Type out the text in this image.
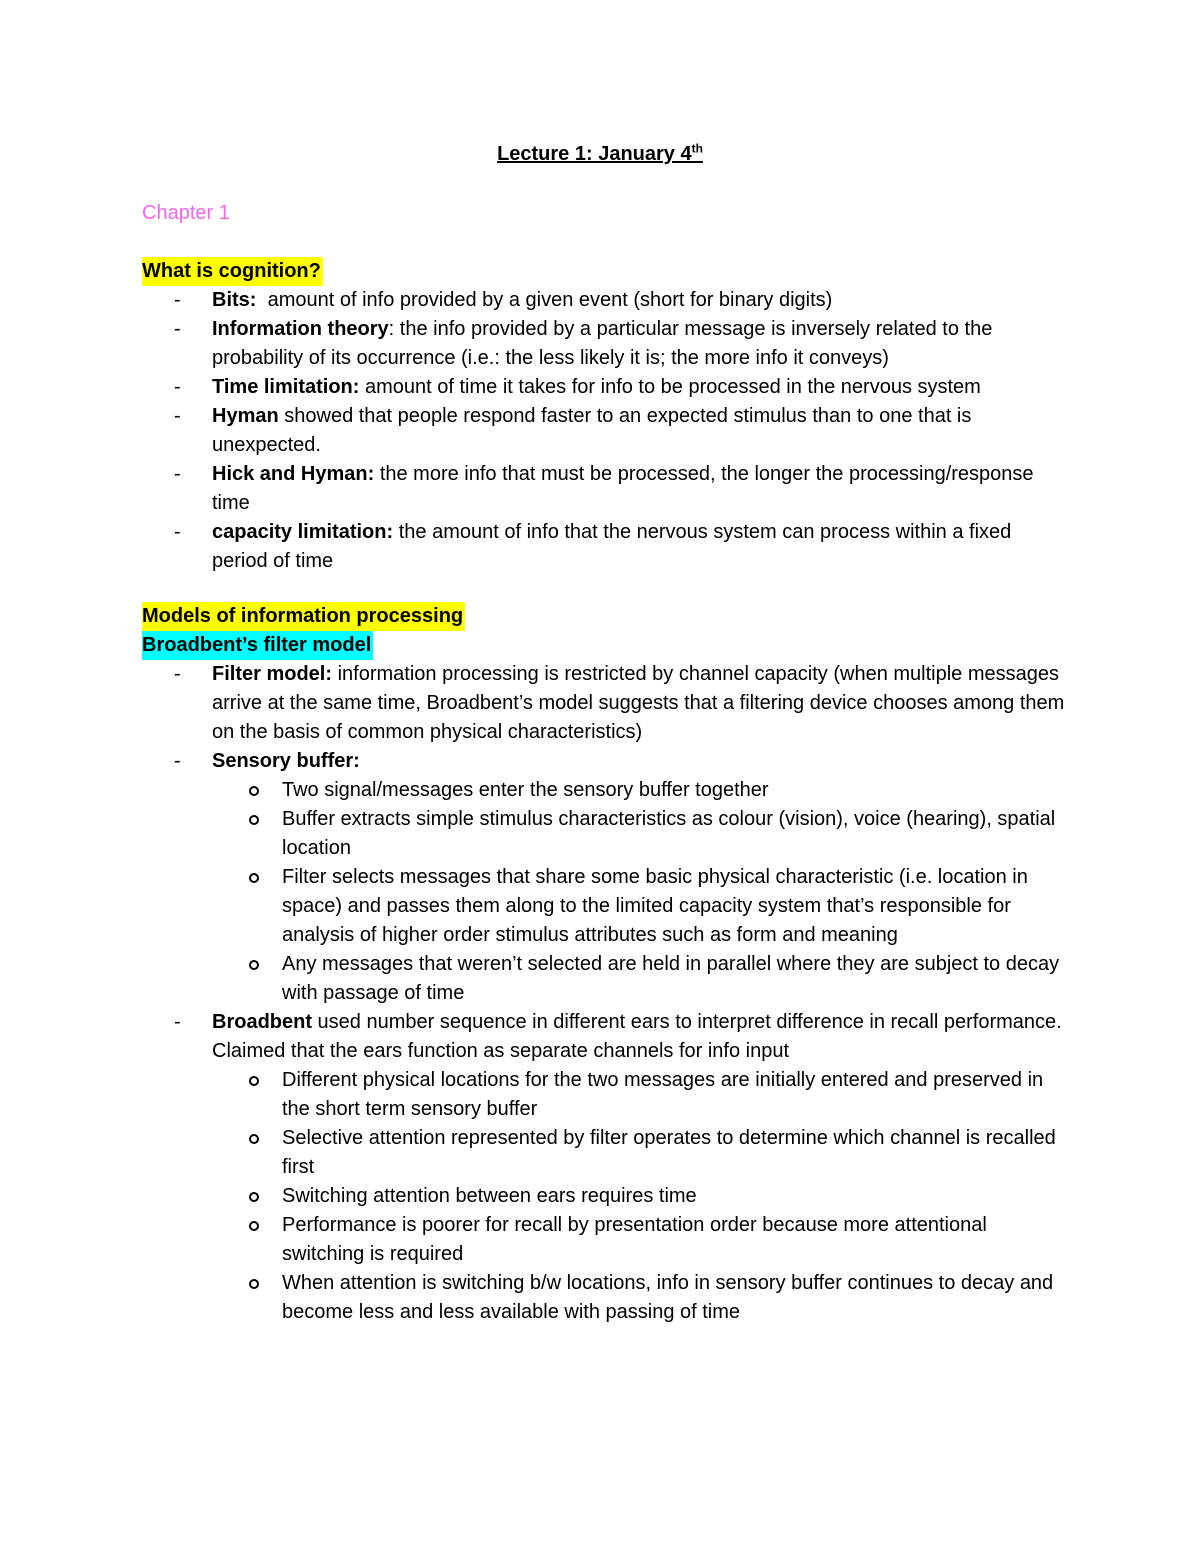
Lecture 1: January 4th
Chapter 1
What is cognition?
- Bits:  amount of info provided by a given event (short for binary digits)
- Information theory: the info provided by a particular message is inversely related to the probability of its occurrence (i.e.: the less likely it is; the more info it conveys)
- Time limitation: amount of time it takes for info to be processed in the nervous system
- Hyman showed that people respond faster to an expected stimulus than to one that is unexpected.
- Hick and Hyman: the more info that must be processed, the longer the processing/response time
- capacity limitation: the amount of info that the nervous system can process within a fixed period of time
Models of information processing
Broadbent’s filter model
- Filter model: information processing is restricted by channel capacity (when multiple messages arrive at the same time, Broadbent’s model suggests that a filtering device chooses among them on the basis of common physical characteristics)
- Sensory buffer:
Two signal/messages enter the sensory buffer together
Buffer extracts simple stimulus characteristics as colour (vision), voice (hearing), spatial location
Filter selects messages that share some basic physical characteristic (i.e. location in space) and passes them along to the limited capacity system that’s responsible for analysis of higher order stimulus attributes such as form and meaning
Any messages that weren’t selected are held in parallel where they are subject to decay with passage of time
- Broadbent used number sequence in different ears to interpret difference in recall performance. Claimed that the ears function as separate channels for info input
Different physical locations for the two messages are initially entered and preserved in the short term sensory buffer
Selective attention represented by filter operates to determine which channel is recalled first
Switching attention between ears requires time
Performance is poorer for recall by presentation order because more attentional switching is required
When attention is switching b/w locations, info in sensory buffer continues to decay and become less and less available with passing of time
